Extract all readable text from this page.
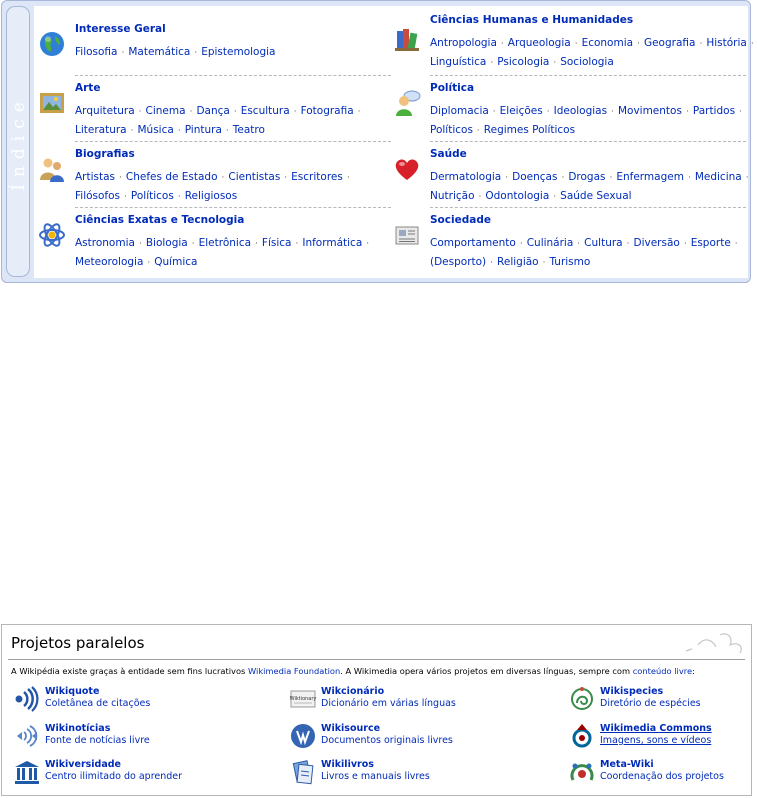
Índice
Interesse Geral
Filosofia · Matemática · Epistemologia
Ciências Humanas e Humanidades
Antropologia · Arqueologia · Economia · Geografia · História ·
Linguística · Psicologia · Sociologia
Arte
Arquitetura · Cinema · Dança · Escultura · Fotografia ·
Literatura · Música · Pintura · Teatro
Política
Diplomacia · Eleições · Ideologias · Movimentos · Partidos ·
Políticos · Regimes Políticos
Biografias
Artistas · Chefes de Estado · Cientistas · Escritores ·
Filósofos · Políticos · Religiosos
Saúde
Dermatologia · Doenças · Drogas · Enfermagem · Medicina ·
Nutrição · Odontologia · Saúde Sexual
Ciências Exatas e Tecnologia
Astronomia · Biologia · Eletrônica · Física · Informática ·
Meteorologia · Química
Sociedade
Comportamento · Culinária · Cultura · Diversão · Esporte ·
(Desporto) · Religião · Turismo
Projetos paralelos
A Wikipédia existe graças à entidade sem fins lucrativos Wikimedia Foundation. A Wikimedia opera vários projetos em diversas línguas, sempre com conteúdo livre:
Wikiquote
Coletânea de citações	Wiktionary
Wikcionário
Dicionário em várias línguas
Wikispecies
Diretório de espécies
Wikinotícias
Fonte de notícias livre
Wikisource
Documentos originais livres
Wikimedia Commons
Imagens, sons e vídeos
Wikiversidade
Centro ilimitado do aprender
Wikilivros
Livros e manuais livres
Meta-Wiki
Coordenação dos projetos
